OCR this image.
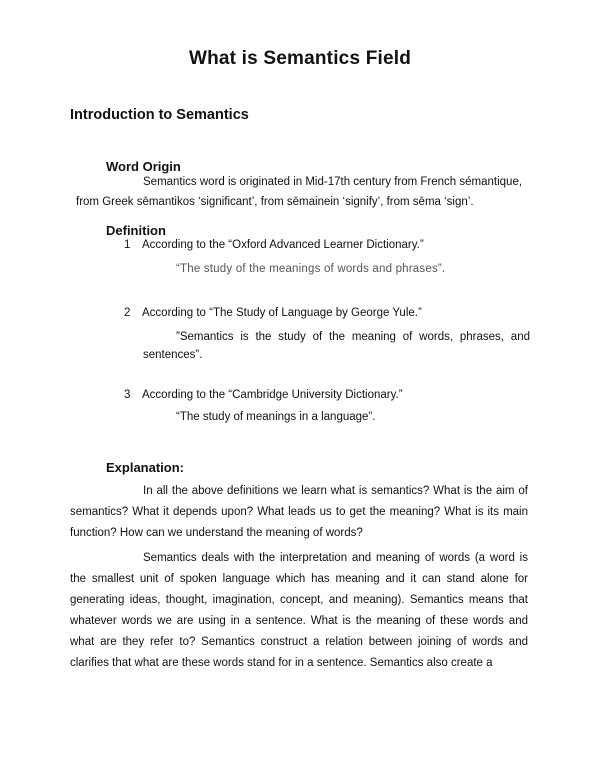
What is Semantics Field
Introduction to Semantics
Word Origin
Semantics word is originated in Mid-17th century from French sémantique,
from Greek sēmantikos ‘significant’, from sēmainein ‘signify’, from sēma ‘sign’.
Definition
1 According to the “Oxford Advanced Learner Dictionary.”
“The study of the meanings of words and phrases”.
2 According to “The Study of Language by George Yule.”
”Semantics is the study of the meaning of words, phrases, and sentences”.
3 According to the “Cambridge University Dictionary.”
“The study of meanings in a language”.
Explanation:
In all the above definitions we learn what is semantics? What is the aim of semantics? What it depends upon? What leads us to get the meaning? What is its main function? How can we understand the meaning of words?
Semantics deals with the interpretation and meaning of words (a word is the smallest unit of spoken language which has meaning and it can stand alone for generating ideas, thought, imagination, concept, and meaning). Semantics means that whatever words we are using in a sentence. What is the meaning of these words and what are they refer to? Semantics construct a relation between joining of words and clarifies that what are these words stand for in a sentence. Semantics also create a
